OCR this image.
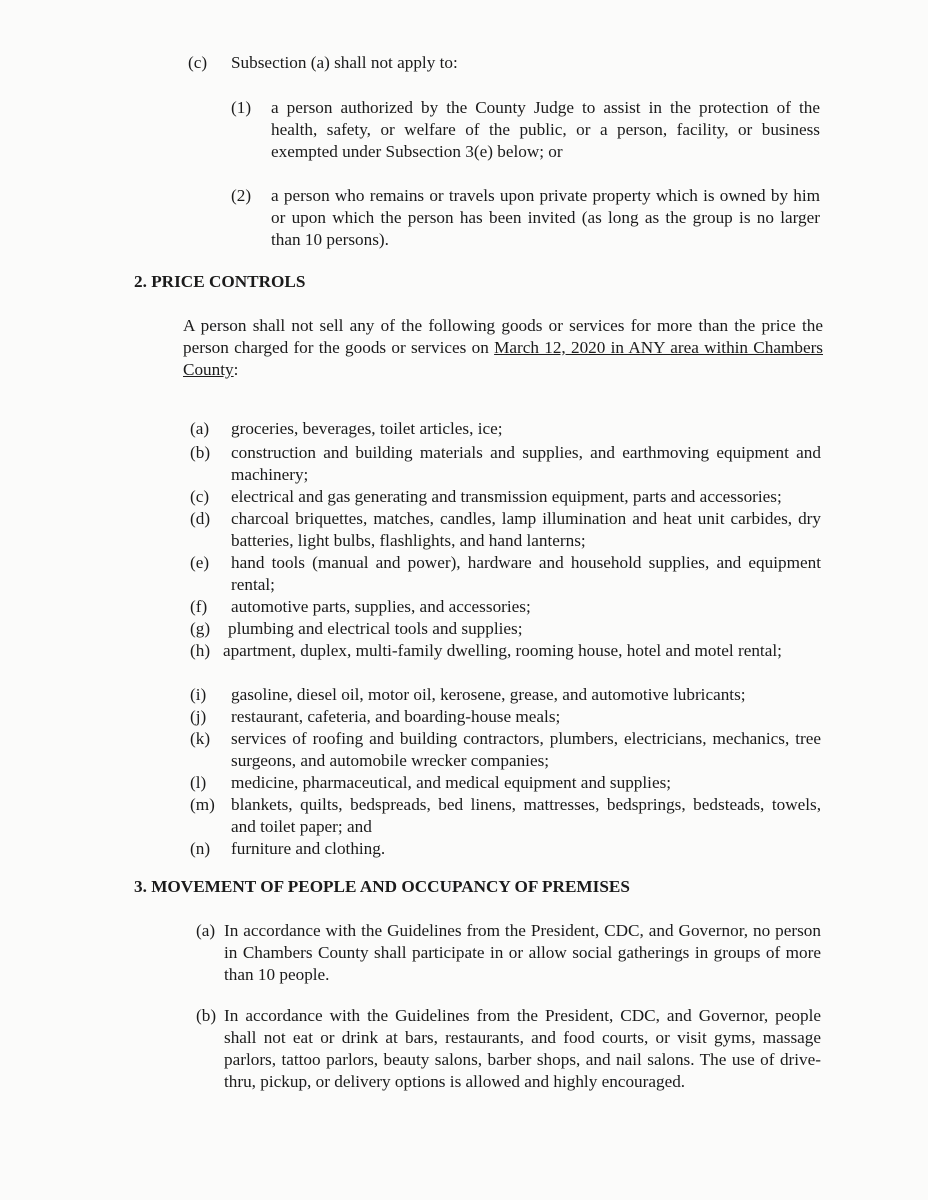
(c) Subsection (a) shall not apply to:
(1) a person authorized by the County Judge to assist in the protection of the health, safety, or welfare of the public, or a person, facility, or business exempted under Subsection 3(e) below; or
(2) a person who remains or travels upon private property which is owned by him or upon which the person has been invited (as long as the group is no larger than 10 persons).
2. PRICE CONTROLS
A person shall not sell any of the following goods or services for more than the price the person charged for the goods or services on March 12, 2020 in ANY area within Chambers County:
(a) groceries, beverages, toilet articles, ice;
(b) construction and building materials and supplies, and earthmoving equipment and machinery;
(c) electrical and gas generating and transmission equipment, parts and accessories;
(d) charcoal briquettes, matches, candles, lamp illumination and heat unit carbides, dry batteries, light bulbs, flashlights, and hand lanterns;
(e) hand tools (manual and power), hardware and household supplies, and equipment rental;
(f) automotive parts, supplies, and accessories;
(g) plumbing and electrical tools and supplies;
(h) apartment, duplex, multi-family dwelling, rooming house, hotel and motel rental;
(i) gasoline, diesel oil, motor oil, kerosene, grease, and automotive lubricants;
(j) restaurant, cafeteria, and boarding-house meals;
(k) services of roofing and building contractors, plumbers, electricians, mechanics, tree surgeons, and automobile wrecker companies;
(l) medicine, pharmaceutical, and medical equipment and supplies;
(m) blankets, quilts, bedspreads, bed linens, mattresses, bedsprings, bedsteads, towels, and toilet paper; and
(n) furniture and clothing.
3. MOVEMENT OF PEOPLE AND OCCUPANCY OF PREMISES
(a) In accordance with the Guidelines from the President, CDC, and Governor, no person in Chambers County shall participate in or allow social gatherings in groups of more than 10 people.
(b) In accordance with the Guidelines from the President, CDC, and Governor, people shall not eat or drink at bars, restaurants, and food courts, or visit gyms, massage parlors, tattoo parlors, beauty salons, barber shops, and nail salons. The use of drive-thru, pickup, or delivery options is allowed and highly encouraged.
